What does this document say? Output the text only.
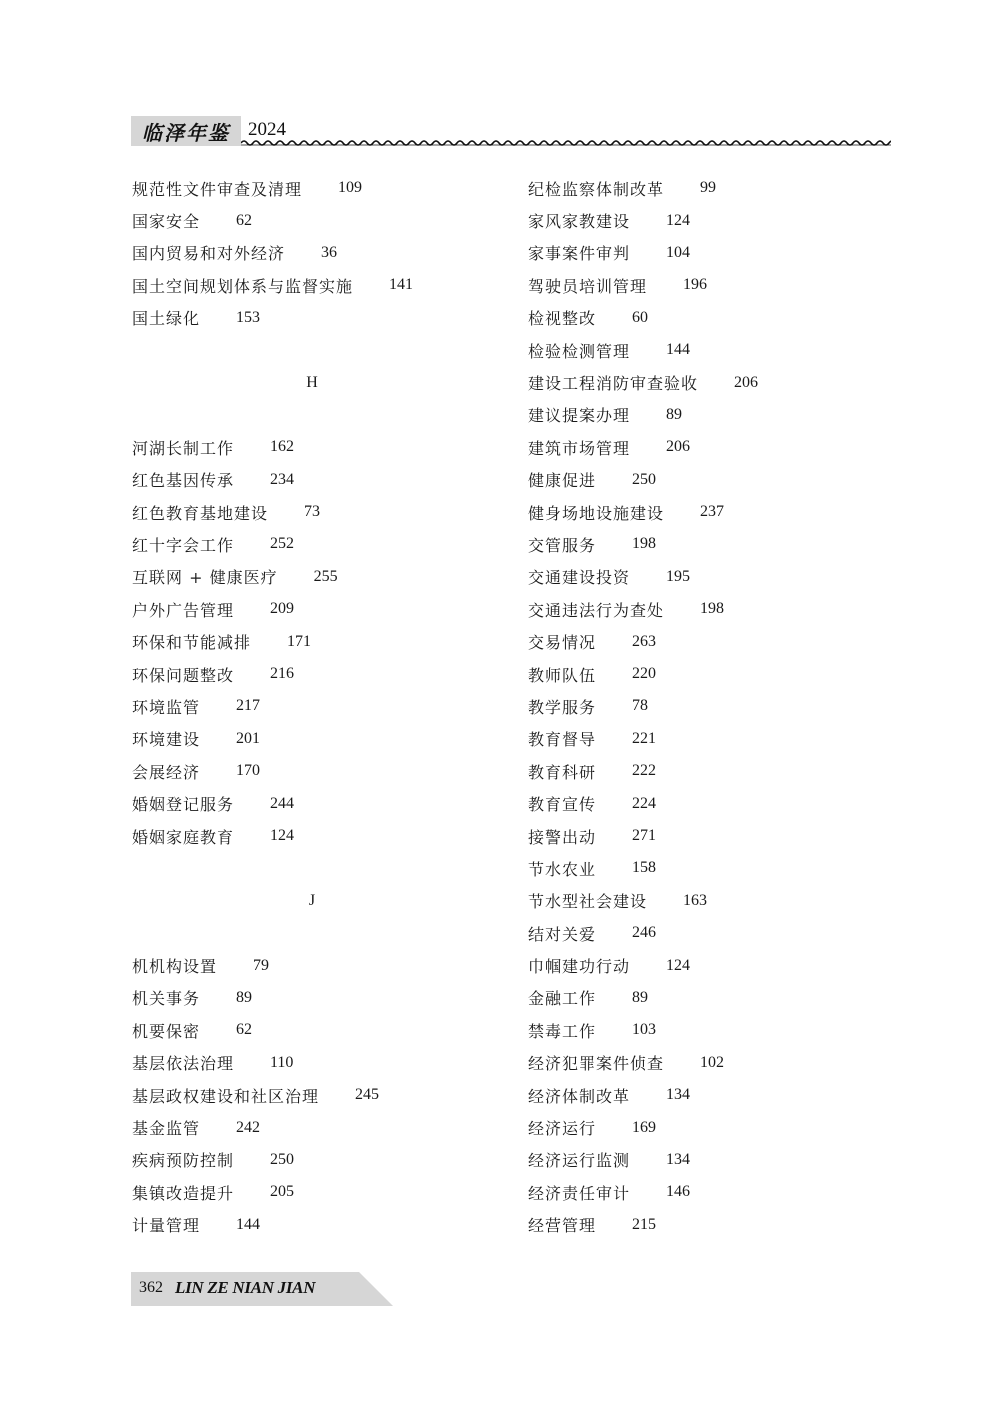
临泽年鉴 2024
规范性文件审查及清理 109
国家安全 62
国内贸易和对外经济 36
国土空间规划体系与监督实施 141
国土绿化 153
H
河湖长制工作 162
红色基因传承 234
红色教育基地建设 73
红十字会工作 252
互联网 + 健康医疗 255
户外广告管理 209
环保和节能减排 171
环保问题整改 216
环境监管 217
环境建设 201
会展经济 170
婚姻登记服务 244
婚姻家庭教育 124
J
机机构设置 79
机关事务 89
机要保密 62
基层依法治理 110
基层政权建设和社区治理 245
基金监管 242
疾病预防控制 250
集镇改造提升 205
计量管理 144
纪检监察体制改革 99
家风家教建设 124
家事案件审判 104
驾驶员培训管理 196
检视整改 60
检验检测管理 144
建设工程消防审查验收 206
建议提案办理 89
建筑市场管理 206
健康促进 250
健身场地设施建设 237
交管服务 198
交通建设投资 195
交通违法行为查处 198
交易情况 263
教师队伍 220
教学服务 78
教育督导 221
教育科研 222
教育宣传 224
接警出动 271
节水农业 158
节水型社会建设 163
结对关爱 246
巾帼建功行动 124
金融工作 89
禁毒工作 103
经济犯罪案件侦查 102
经济体制改革 134
经济运行 169
经济运行监测 134
经济责任审计 146
经营管理 215
362 LIN ZE NIAN JIAN
